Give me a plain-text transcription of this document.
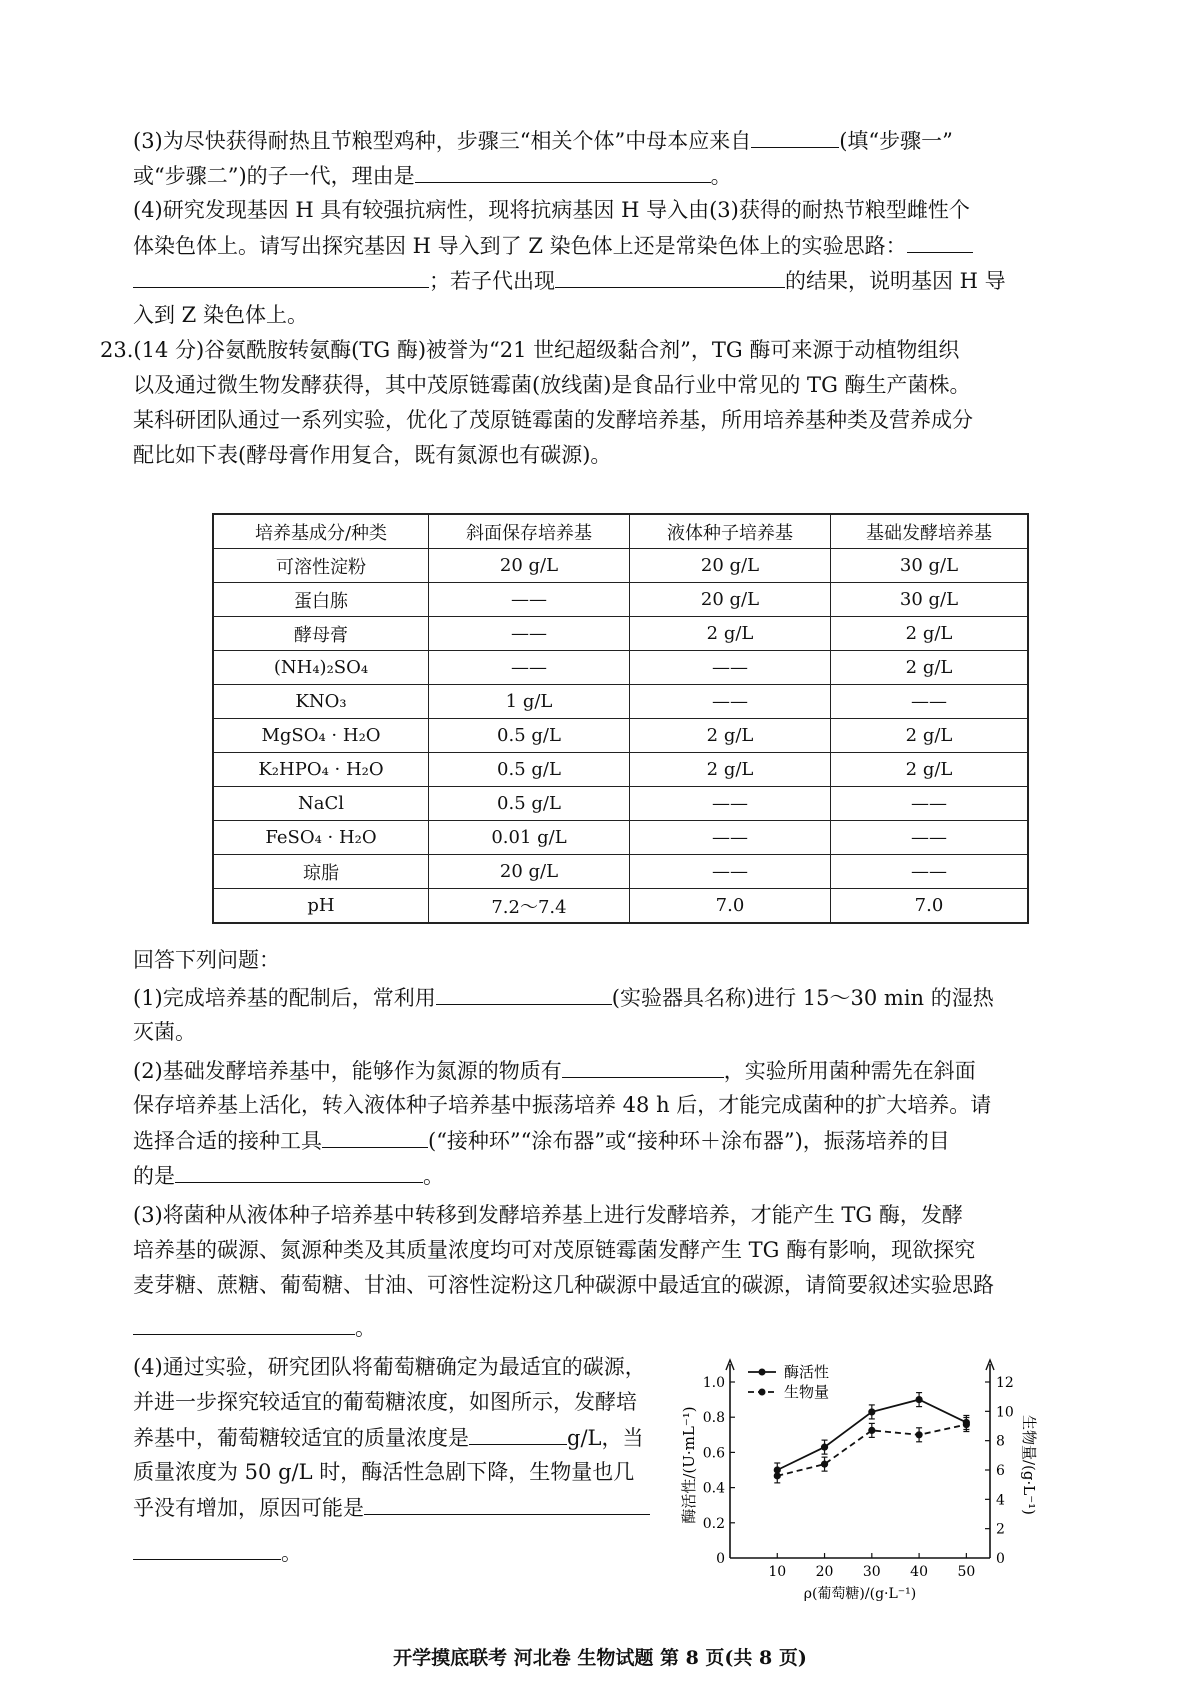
(3)为尽快获得耐热且节粮型鸡种，步骤三“相关个体”中母本应来自	(填“步骤一”
或“步骤二”)的子一代，理由是	。
(4)研究发现基因 H 具有较强抗病性，现将抗病基因 H 导入由(3)获得的耐热节粮型雌性个
体染色体上。请写出探究基因 H 导入到了 Z 染色体上还是常染色体上的实验思路：
；若子代出现	的结果，说明基因 H 导
入到 Z 染色体上。
23.(14 分)谷氨酰胺转氨酶(TG 酶)被誉为“21 世纪超级黏合剂”，TG 酶可来源于动植物组织
以及通过微生物发酵获得，其中茂原链霉菌(放线菌)是食品行业中常见的 TG 酶生产菌株。
某科研团队通过一系列实验，优化了茂原链霉菌的发酵培养基，所用培养基种类及营养成分
配比如下表(酵母膏作用复合，既有氮源也有碳源)。
培养基成分/种类	斜面保存培养基	液体种子培养基	基础发酵培养基
可溶性淀粉	20 g/L	20 g/L	30 g/L
蛋白胨	——	20 g/L	30 g/L
酵母膏	——	2 g/L	2 g/L
(NH₄)₂SO₄	——	——	2 g/L
KNO₃	1 g/L	——	——
MgSO₄ · H₂O	0.5 g/L	2 g/L	2 g/L
K₂HPO₄ · H₂O	0.5 g/L	2 g/L	2 g/L
NaCl	0.5 g/L	——	——
FeSO₄ · H₂O	0.01 g/L	——	——
琼脂	20 g/L	——	——
pH	7.2～7.4	7.0	7.0
回答下列问题：
(1)完成培养基的配制后，常利用	(实验器具名称)进行 15～30 min 的湿热
灭菌。
(2)基础发酵培养基中，能够作为氮源的物质有	，实验所用菌种需先在斜面
保存培养基上活化，转入液体种子培养基中振荡培养 48 h 后，才能完成菌种的扩大培养。请
选择合适的接种工具	(“接种环”“涂布器”或“接种环＋涂布器”)，振荡培养的目
的是	。
(3)将菌种从液体种子培养基中转移到发酵培养基上进行发酵培养，才能产生 TG 酶，发酵
培养基的碳源、氮源种类及其质量浓度均可对茂原链霉菌发酵产生 TG 酶有影响，现欲探究
麦芽糖、蔗糖、葡萄糖、甘油、可溶性淀粉这几种碳源中最适宜的碳源，请简要叙述实验思路
。
(4)通过实验，研究团队将葡萄糖确定为最适宜的碳源，
并进一步探究较适宜的葡萄糖浓度，如图所示，发酵培
养基中，葡萄糖较适宜的质量浓度是	g/L，当
质量浓度为 50 g/L 时，酶活性急剧下降，生物量也几
乎没有增加，原因可能是
。	0
0.2
0.4
0.6
0.8
1.0
0
2
4
6
8
10
12
10 20 30 40 50
ρ(葡萄糖)/(g·L⁻¹)
酶活性/(U·mL⁻¹)	生物量/(g·L⁻¹)
酶活性
生物量
开学摸底联考 河北卷 生物试题 第 8 页(共 8 页)
